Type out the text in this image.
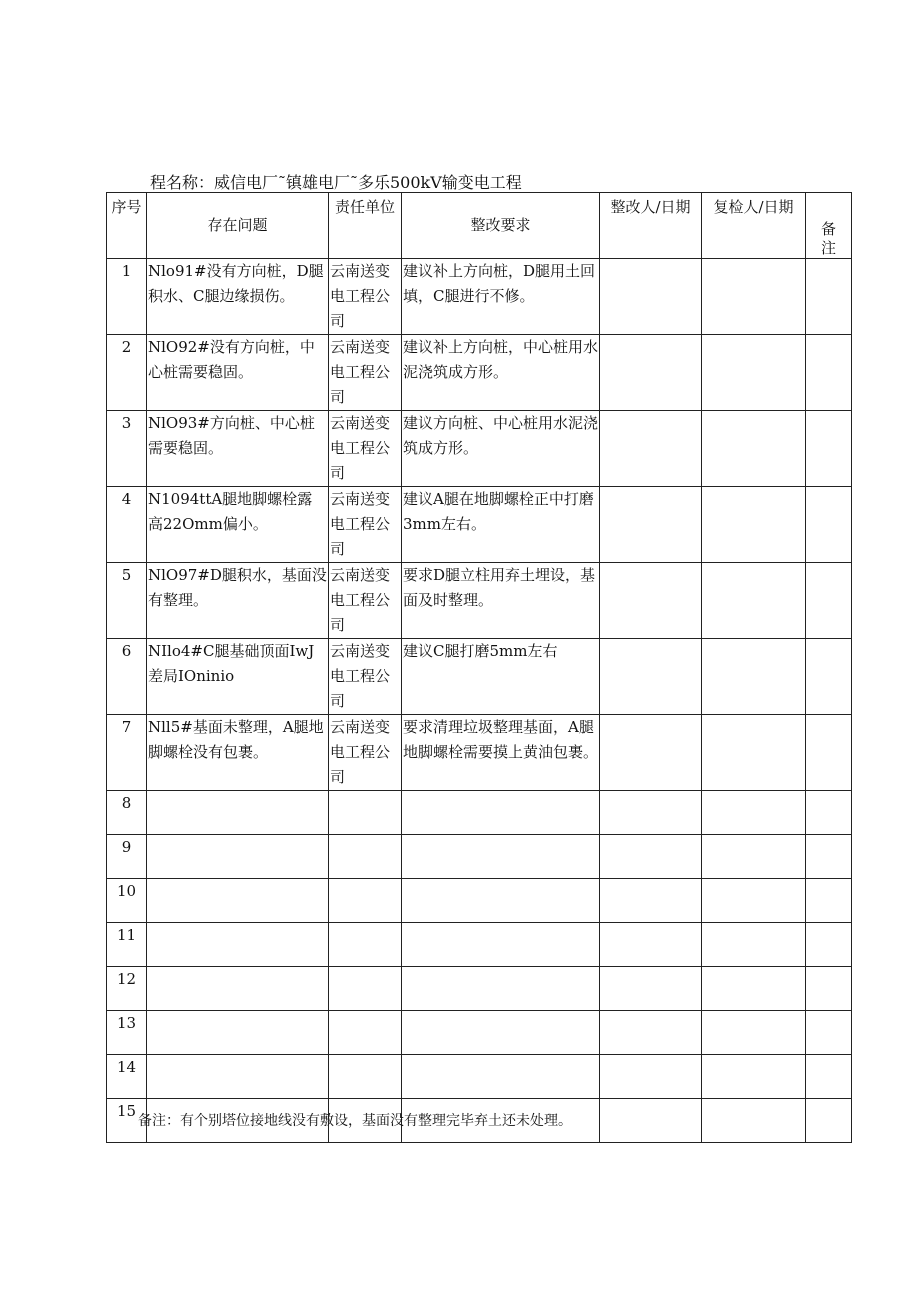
程名称：威信电厂˜镇雄电厂˜多乐500kV输变电工程
序号	存在问题	责任单位	整改要求	整改人/日期	复检人/日期	备
注
1	Nlo91#没有方向桩，D腿积水、C腿边缘损伤。	云南送变电工程公司	建议补上方向桩，D腿用土回填，C腿进行不修。			
2	NlO92#没有方向桩，中心桩需要稳固。	云南送变电工程公司	建议补上方向桩，中心桩用水泥浇筑成方形。			
3	NlO93#方向桩、中心桩需要稳固。	云南送变电工程公司	建议方向桩、中心桩用水泥浇筑成方形。			
4	N1094ttA腿地脚螺栓露高22Omm偏小。	云南送变电工程公司	建议A腿在地脚螺栓正中打磨3mm左右。			
5	NlO97#D腿积水，基面没有整理。	云南送变电工程公司	要求D腿立柱用弃土埋设，基面及时整理。			
6	NIlo4#C腿基础顶面IwJ差局IOninio	云南送变电工程公司	建议C腿打磨5mm左右			
7	Nll5#基面未整理，A腿地脚螺栓没有包裹。	云南送变电工程公司	要求清理垃圾整理基面，A腿地脚螺栓需要摸上黄油包裹。			
8						
9						
10						
11						
12						
13						
14						
15						
备注：有个别塔位接地线没有敷设，基面没有整理完毕弃土还未处理。
